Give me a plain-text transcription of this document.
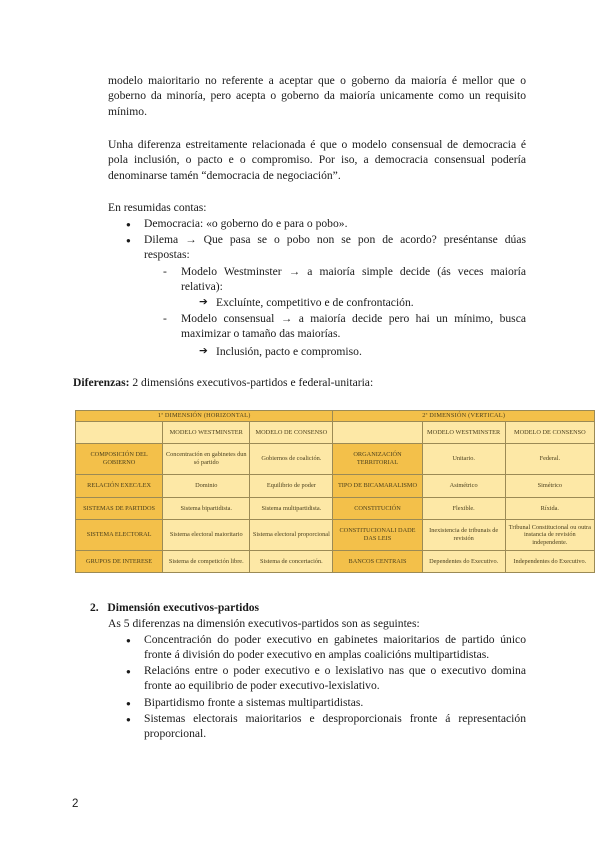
modelo maioritario no referente a aceptar que o goberno da maioría é mellor que o
goberno da minoría, pero acepta o goberno da maioría unicamente como un requisito
mínimo.
Unha diferenza estreitamente relacionada é que o modelo consensual de democracia é
pola inclusión, o pacto e o compromiso. Por iso, a democracia consensual podería
denominarse tamén “democracia de negociación”.
En resumidas contas:
● Democracia: «o goberno do e para o pobo».
● Dilema → Que pasa se o pobo non se pon de acordo? preséntanse dúas
respostas:
- Modelo Westminster → a maioría simple decide (ás veces maioría
relativa):
➔ Excluínte, competitivo e de confrontación.
- Modelo consensual → a maioría decide pero hai un mínimo, busca
maximizar o tamaño das maiorías.
➔ Inclusión, pacto e compromiso.
Diferenzas: 2 dimensións executivos-partidos e federal-unitaria:
1ª DIMENSIÓN (HORIZONTAL)			2ª DIMENSIÓN (VERTICAL)		
	MODELO WESTMINSTER	MODELO DE CONSENSO		MODELO WESTMINSTER	MODELO DE CONSENSO
COMPOSICIÓN DEL GOBIERNO	Concentración en gabinetes dun só partido	Gobiernos de coalición.	ORGANIZACIÓN TERRITORIAL	Unitario.	Federal.
RELACIÓN EXEC/LEX	Dominio	Equilibrio de poder	TIPO DE BICAMARALISMO	Asimétrico	Simétrico
SISTEMAS DE PARTIDOS	Sistema bipartidista.	Sistema multipartidista.	CONSTITUCIÓN	Flexible.	Ríxida.
SISTEMA ELECTORAL	Sistema electoral maioritario	Sistema electoral proporcional	CONSTITUCIONALI DADE DAS LEIS	Inexistencia de tribunais de revisión	Tribunal Constitucional ou outra instancia de revisión independente.
GRUPOS DE INTERESE	Sistema de competición libre.	Sistema de concertación.	BANCOS CENTRAIS	Dependentes do Executivo.	Independentes do Executivo.
2.   Dimensión executivos-partidos
As 5 diferenzas na dimensión executivos-partidos son as seguintes:
● Concentración do poder executivo en gabinetes maioritarios de partido único
fronte á división do poder executivo en amplas coalicións multipartidistas.
● Relacións entre o poder executivo e o lexislativo nas que o executivo domina
fronte ao equilibrio de poder executivo-lexislativo.
● Bipartidismo fronte a sistemas multipartidistas.
● Sistemas electorais maioritarios e desproporcionais fronte á representación
proporcional.
2
